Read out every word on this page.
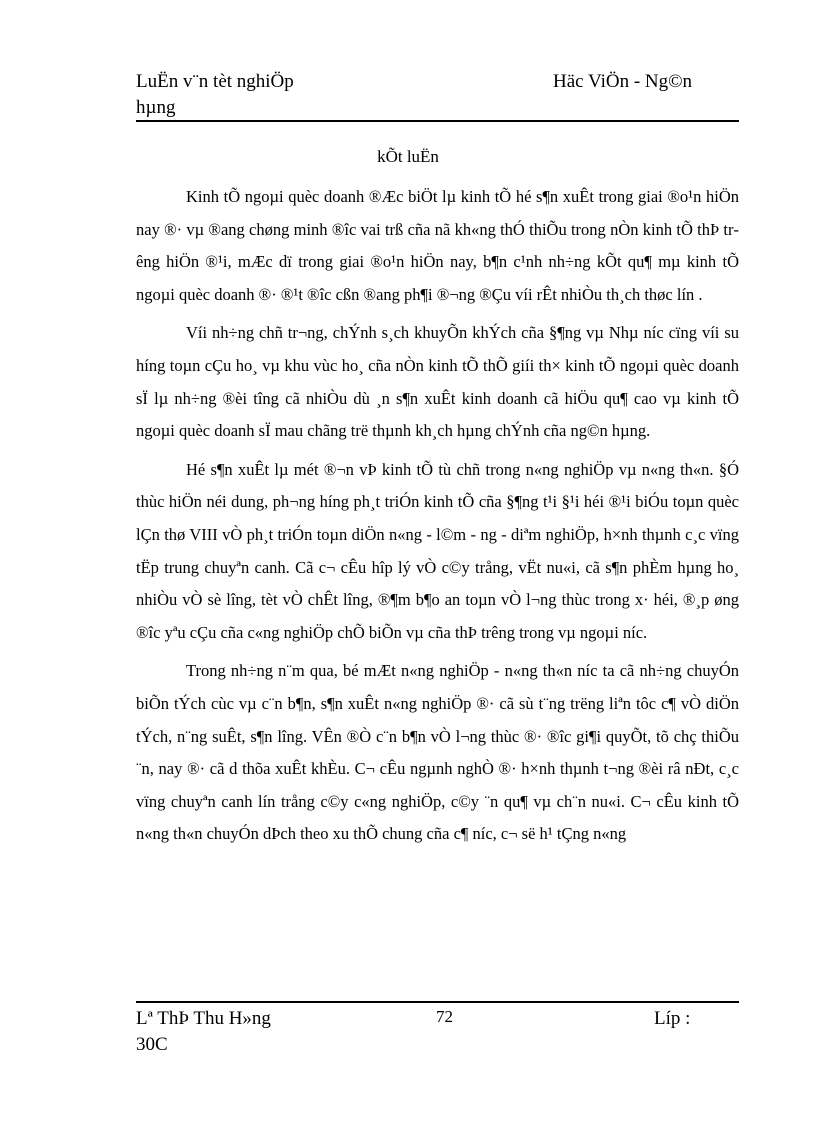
LuËn v¨n tèt nghiÖp
hµng
Häc ViÖn - Ng©n
kÕt luËn

Kinh tÕ ngoµi quèc doanh ®Æc biÖt lµ kinh tÕ hé s¶n xuÊt trong giai ®o¹n hiÖn nay ®· vµ ®ang chøng minh ®îc vai trß cña nã kh«ng thÓ thiÕu trong nÒn kinh tÕ thÞ trêng hiÖn ®¹i, mÆc dï trong giai ®o¹n hiÖn nay, b¶n c¹nh nh÷ng kÕt qu¶ mµ kinh tÕ ngoµi quèc doanh ®· ®¹t ®îc cßn ®ang ph¶i ®¬ng ®Çu víi rÊt nhiÒu th¸ch thøc lín .

Víi nh÷ng chñ tr¬ng, chÝnh s¸ch khuyÕn khÝch cña §¶ng vµ Nhµ níc cïng víi su híng toµn cÇu ho¸ vµ khu vùc ho¸ cña nÒn kinh tÕ thÕ giíi th× kinh tÕ ngoµi quèc doanh sÏ lµ nh÷ng ®èi tîng cã nhiÒu dù ¸n s¶n xuÊt kinh doanh cã hiÖu qu¶ cao vµ kinh tÕ ngoµi quèc doanh sÏ mau chãng trë thµnh kh¸ch hµng chÝnh cña ng©n hµng.

Hé s¶n xuÊt lµ mét ®¬n vÞ kinh tÕ tù chñ trong n«ng nghiÖp vµ n«ng th«n. §Ó thùc hiÖn néi dung, ph¬ng híng ph¸t triÓn kinh tÕ cña §¶ng t¹i §¹i héi ®¹i biÓu toµn quèc lÇn thø VIII vÒ ph¸t triÓn toµn diÖn n«ng - l©m - ng - diªm nghiÖp, h×nh thµnh c¸c vïng tËp trung chuyªn canh. Cã c¬ cÊu hîp lý vÒ c©y trång, vËt nu«i, cã s¶n phÈm hµng ho¸ nhiÒu vÒ sè lîng, tèt vÒ chÊt lîng, ®¶m b¶o an toµn vÒ l¬ng thùc trong x· héi, ®¸p øng ®îc yªu cÇu cña c«ng nghiÖp chÕ biÕn vµ cña thÞ trêng trong vµ ngoµi níc.

Trong nh÷ng n¨m qua, bé mÆt n«ng nghiÖp - n«ng th«n níc ta cã nh÷ng chuyÓn biÕn tÝch cùc vµ c¨n b¶n, s¶n xuÊt n«ng nghiÖp ®· cã sù t¨ng trëng liªn tôc c¶ vÒ diÖn tÝch, n¨ng suÊt, s¶n lîng. VÊn ®Ò c¨n b¶n vÒ l¬ng thùc ®· ®îc gi¶i quyÕt, tõ chç thiÕu ¨n, nay ®· cã d thõa xuÊt khÈu. C¬ cÊu ngµnh nghÒ ®· h×nh thµnh t¬ng ®èi râ nÐt, c¸c vïng chuyªn canh lín trång c©y c«ng nghiÖp, c©y ¨n qu¶ vµ ch¨n nu«i. C¬ cÊu kinh tÕ n«ng th«n chuyÓn dÞch theo xu thÕ chung cña c¶ níc, c¬ së h¹ tÇng n«ng

Lª ThÞ Thu H»ng
30C
72	Líp :
